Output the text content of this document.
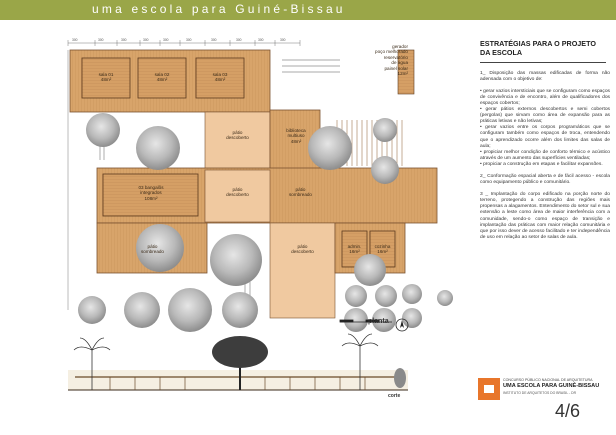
uma escola para Guiné-Bissau
300	300	300	300	300	300	300	300	300	300
sala 01
48m²
sala 02
48m²
sala 03
48m²
pátio
descoberto
biblioteca
multiuso
48m²
03 bangalôs
integrados
108m²
pátio
descoberto
pátio
sombreado
pátio
sombreado
pátio
descoberto
admin.
16m²
cozinha
16m²
gerador
poço melhorado
reservatório
de água
painel solar
12m²
planta
corte
ESTRATÉGIAS PARA O PROJETO
DA ESCOLA
1_ Disposição das massas edificadas de forma não adensada com o objetivo de:
• gerar vazios intersticiais que se configuram como espaços de convivência e de encontro, além de qualificadores dos espaços cobertos;
• gerar pátios externos descobertos e semi cobertos (pergolas) que sirvam como área de expansão para as práticas letivas e não letivas;
• gerar vazios entre os corpos programáticos que se configuram também como espaços de troca, entendendo que o aprendizado ocorre além dos limites das salas de aula;
• propiciar melhor condição de conforto térmico e acústico através de um aumento das superfícies ventiladas;
• propiciar a construção em etapas e facilitar expansões.
2_ Conformação espacial aberta e de fácil acesso - escola como equipamento público e comunitário.
3 _ Implantação do corpo edificado na porção norte do terreno, protegendo a construção das regiões mais propensas a alagamentos. Entendimento do setor sul e sua extensão a leste como área de maior interferência com a comunidade, sendo-o como espaço de transição e implantação das práticas com maior relação comunitária e que por isso dever de acesso facilitado e ter independência de uso em relação ao setor de salas de aula.
CONCURSO PÚBLICO NACIONAL DE ARQUITETURA
UMA ESCOLA PARA GUINÉ-BISSAU
INSTITUTO DE ARQUITETOS DO BRASIL - DR
4/6
